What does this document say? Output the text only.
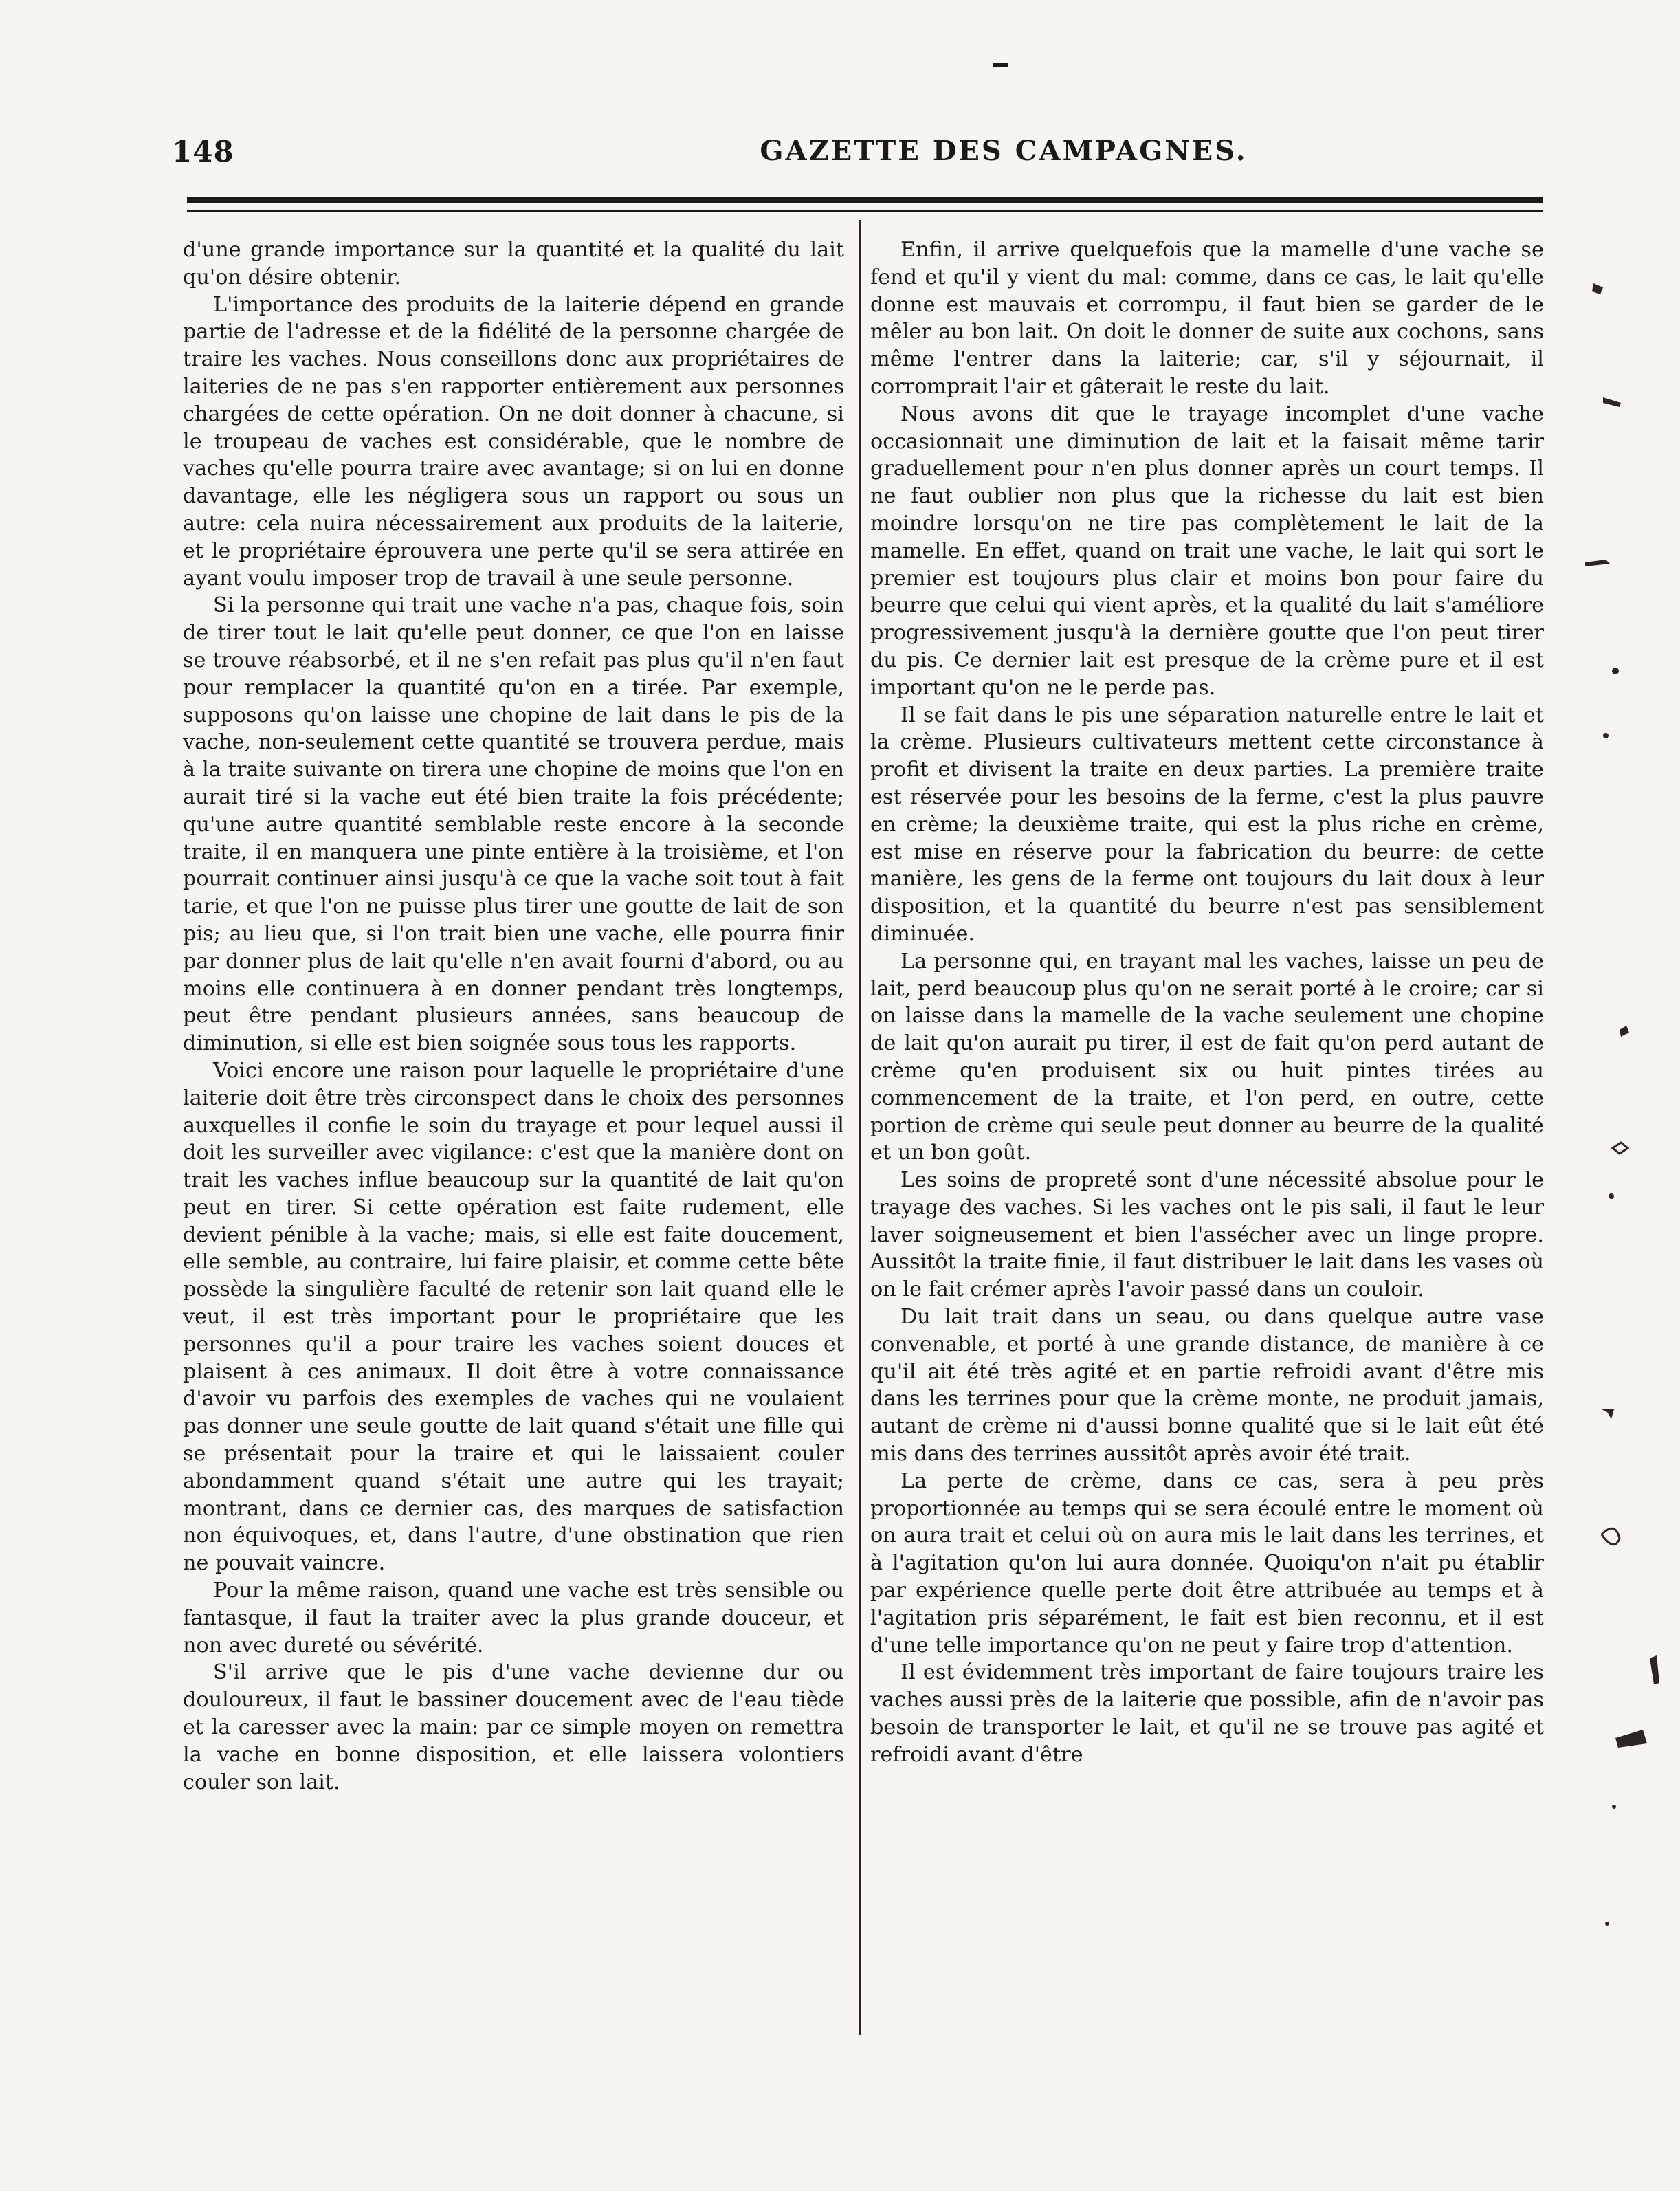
148	GAZETTE DES CAMPAGNES.

d'une grande importance sur la quantité et la qualité du lait qu'on désire obtenir.

L'importance des produits de la laiterie dépend en grande partie de l'adresse et de la fidélité de la personne chargée de traire les vaches. Nous conseillons donc aux propriétaires de laiteries de ne pas s'en rapporter entièrement aux personnes chargées de cette opération. On ne doit donner à chacune, si le troupeau de vaches est considérable, que le nombre de vaches qu'elle pourra traire avec avantage; si on lui en donne davantage, elle les négligera sous un rapport ou sous un autre: cela nuira nécessairement aux produits de la laiterie, et le propriétaire éprouvera une perte qu'il se sera attirée en ayant voulu imposer trop de travail à une seule personne.

Si la personne qui trait une vache n'a pas, chaque fois, soin de tirer tout le lait qu'elle peut donner, ce que l'on en laisse se trouve réabsorbé, et il ne s'en refait pas plus qu'il n'en faut pour remplacer la quantité qu'on en a tirée. Par exemple, supposons qu'on laisse une chopine de lait dans le pis de la vache, non-seulement cette quantité se trouvera perdue, mais à la traite suivante on tirera une chopine de moins que l'on en aurait tiré si la vache eut été bien traite la fois précédente; qu'une autre quantité semblable reste encore à la seconde traite, il en manquera une pinte entière à la troisième, et l'on pourrait continuer ainsi jusqu'à ce que la vache soit tout à fait tarie, et que l'on ne puisse plus tirer une goutte de lait de son pis; au lieu que, si l'on trait bien une vache, elle pourra finir par donner plus de lait qu'elle n'en avait fourni d'abord, ou au moins elle continuera à en donner pendant très longtemps, peut être pendant plusieurs années, sans beaucoup de diminution, si elle est bien soignée sous tous les rapports.

Voici encore une raison pour laquelle le propriétaire d'une laiterie doit être très circonspect dans le choix des personnes auxquelles il confie le soin du trayage et pour lequel aussi il doit les surveiller avec vigilance: c'est que la manière dont on trait les vaches influe beaucoup sur la quantité de lait qu'on peut en tirer. Si cette opération est faite rudement, elle devient pénible à la vache; mais, si elle est faite doucement, elle semble, au contraire, lui faire plaisir, et comme cette bête possède la singulière faculté de retenir son lait quand elle le veut, il est très important pour le propriétaire que les personnes qu'il a pour traire les vaches soient douces et plaisent à ces animaux. Il doit être à votre connaissance d'avoir vu parfois des exemples de vaches qui ne voulaient pas donner une seule goutte de lait quand s'était une fille qui se présentait pour la traire et qui le laissaient couler abondamment quand s'était une autre qui les trayait; montrant, dans ce dernier cas, des marques de satisfaction non équivoques, et, dans l'autre, d'une obstination que rien ne pouvait vaincre.

Pour la même raison, quand une vache est très sensible ou fantasque, il faut la traiter avec la plus grande douceur, et non avec dureté ou sévérité.

S'il arrive que le pis d'une vache devienne dur ou douloureux, il faut le bassiner doucement avec de l'eau tiède et la caresser avec la main: par ce simple moyen on remettra la vache en bonne disposition, et elle laissera volontiers couler son lait.

Enfin, il arrive quelquefois que la mamelle d'une vache se fend et qu'il y vient du mal: comme, dans ce cas, le lait qu'elle donne est mauvais et corrompu, il faut bien se garder de le mêler au bon lait. On doit le donner de suite aux cochons, sans même l'entrer dans la laiterie; car, s'il y séjournait, il corromprait l'air et gâterait le reste du lait.

Nous avons dit que le trayage incomplet d'une vache occasionnait une diminution de lait et la faisait même tarir graduellement pour n'en plus donner après un court temps. Il ne faut oublier non plus que la richesse du lait est bien moindre lorsqu'on ne tire pas complètement le lait de la mamelle. En effet, quand on trait une vache, le lait qui sort le premier est toujours plus clair et moins bon pour faire du beurre que celui qui vient après, et la qualité du lait s'améliore progressivement jusqu'à la dernière goutte que l'on peut tirer du pis. Ce dernier lait est presque de la crème pure et il est important qu'on ne le perde pas.

Il se fait dans le pis une séparation naturelle entre le lait et la crème. Plusieurs cultivateurs mettent cette circonstance à profit et divisent la traite en deux parties. La première traite est réservée pour les besoins de la ferme, c'est la plus pauvre en crème; la deuxième traite, qui est la plus riche en crème, est mise en réserve pour la fabrication du beurre: de cette manière, les gens de la ferme ont toujours du lait doux à leur disposition, et la quantité du beurre n'est pas sensiblement diminuée.

La personne qui, en trayant mal les vaches, laisse un peu de lait, perd beaucoup plus qu'on ne serait porté à le croire; car si on laisse dans la mamelle de la vache seulement une chopine de lait qu'on aurait pu tirer, il est de fait qu'on perd autant de crème qu'en produisent six ou huit pintes tirées au commencement de la traite, et l'on perd, en outre, cette portion de crème qui seule peut donner au beurre de la qualité et un bon goût.

Les soins de propreté sont d'une nécessité absolue pour le trayage des vaches. Si les vaches ont le pis sali, il faut le leur laver soigneusement et bien l'assécher avec un linge propre. Aussitôt la traite finie, il faut distribuer le lait dans les vases où on le fait crémer après l'avoir passé dans un couloir.

Du lait trait dans un seau, ou dans quelque autre vase convenable, et porté à une grande distance, de manière à ce qu'il ait été très agité et en partie refroidi avant d'être mis dans les terrines pour que la crème monte, ne produit jamais, autant de crème ni d'aussi bonne qualité que si le lait eût été mis dans des terrines aussitôt après avoir été trait.

La perte de crème, dans ce cas, sera à peu près proportionnée au temps qui se sera écoulé entre le moment où on aura trait et celui où on aura mis le lait dans les terrines, et à l'agitation qu'on lui aura donnée. Quoiqu'on n'ait pu établir par expérience quelle perte doit être attribuée au temps et à l'agitation pris séparément, le fait est bien reconnu, et il est d'une telle importance qu'on ne peut y faire trop d'attention.

Il est évidemment très important de faire toujours traire les vaches aussi près de la laiterie que possible, afin de n'avoir pas besoin de transporter le lait, et qu'il ne se trouve pas agité et refroidi avant d'être
